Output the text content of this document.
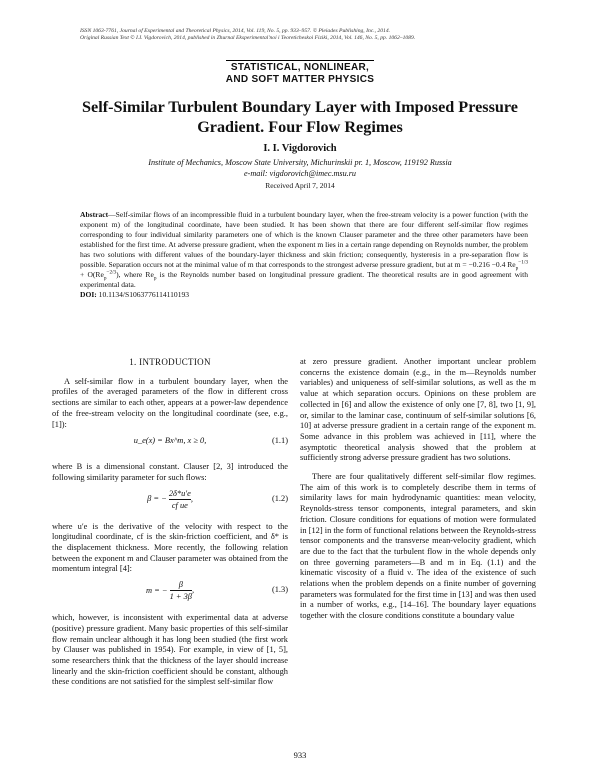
ISSN 1063-7761, Journal of Experimental and Theoretical Physics, 2014, Vol. 119, No. 5, pp. 933–957. © Pleiades Publishing, Inc., 2014.
Original Russian Text © I.I. Vigdorovich, 2014, published in Zhurnal Eksperimental'noi i Teoreticheskoi Fiziki, 2014, Vol. 146, No. 5, pp. 1062–1089.
STATISTICAL, NONLINEAR,
AND SOFT MATTER PHYSICS
Self-Similar Turbulent Boundary Layer with Imposed Pressure
Gradient. Four Flow Regimes
I. I. Vigdorovich
Institute of Mechanics, Moscow State University, Michurinskii pr. 1, Moscow, 119192 Russia
e-mail: vigdorovich@imec.msu.ru
Received April 7, 2014
Abstract—Self-similar flows of an incompressible fluid in a turbulent boundary layer, when the free-stream velocity is a power function (with the exponent m) of the longitudinal coordinate, have been studied. It has been shown that there are four different self-similar flow regimes corresponding to four individual similarity parameters one of which is the known Clauser parameter and the three other parameters have been established for the first time. At adverse pressure gradient, when the exponent m lies in a certain range depending on Reynolds number, the problem has two solutions with different values of the boundary-layer thickness and skin friction; consequently, hysteresis in a pre-separation flow is possible. Separation occurs not at the minimal value of m that corresponds to the strongest adverse pressure gradient, but at m = −0.216 −0.4 $Re_p^{-1/3} + O(Re_p^{-2/3})$, where $Re_p$ is the Reynolds number based on longitudinal pressure gradient. The theoretical results are in good agreement with experimental data.
DOI: 10.1134/S1063776114110193
1. INTRODUCTION

A self-similar flow in a turbulent boundary layer, when the profiles of the averaged parameters of the flow in different cross sections are similar to each other, appears at a power-law dependence of the free-stream velocity on the longitudinal coordinate (see, e.g., [1]):

u_e(x) = Bx^m, x ≥ 0,	(1.1)

where B is a dimensional constant. Clauser [2, 3] introduced the following similarity parameter for such flows:

β = − $\frac{2\delta*u'e}{\text{cf ue}}$ ,	(1.2)

where u′e is the derivative of the velocity with respect to the longitudinal coordinate, cf is the skin-friction coefficient, and δ* is the displacement thickness. More recently, the following relation between the exponent m and Clauser parameter was obtained from the momentum integral [4]:

m = − $\frac{\beta}{1 + 3\beta}$ ,	(1.3)

which, however, is inconsistent with experimental data at adverse (positive) pressure gradient. Many basic properties of this self-similar flow remain unclear although it has long been studied (the first work by Clauser was published in 1954). For example, in view of [1, 5], some researchers think that the thickness of the layer should increase linearly and the skin-friction coefficient should be constant, although these conditions are not satisfied for the simplest self-similar flow

at zero pressure gradient. Another important unclear problem concerns the existence domain (e.g., in the m—Reynolds number variables) and uniqueness of self-similar solutions, as well as the m value at which separation occurs. Opinions on these problem are collected in [6] and allow the existence of only one [7, 8], two [1, 9], or, similar to the laminar case, continuum of self-similar solutions [6, 10] at adverse pressure gradient in a certain range of the exponent m. Some advance in this problem was achieved in [11], where the asymptotic theoretical analysis showed that the problem at sufficiently strong adverse pressure gradient has two solutions.

There are four qualitatively different self-similar flow regimes. The aim of this work is to completely describe them in terms of similarity laws for main hydrodynamic quantities: mean velocity, Reynolds-stress tensor components, integral parameters, and skin friction. Closure conditions for equations of motion were formulated in [12] in the form of functional relations between the Reynolds-stress tensor components and the transverse mean-velocity gradient, which are due to the fact that the turbulent flow in the whole depends only on three governing parameters—B and m in Eq. (1.1) and the kinematic viscosity of a fluid ν. The idea of the existence of such relations when the problem depends on a finite number of governing parameters was formulated for the first time in [13] and was then used in a number of works, e.g., [14–16]. The boundary layer equations together with the closure conditions constitute a boundary value

933
